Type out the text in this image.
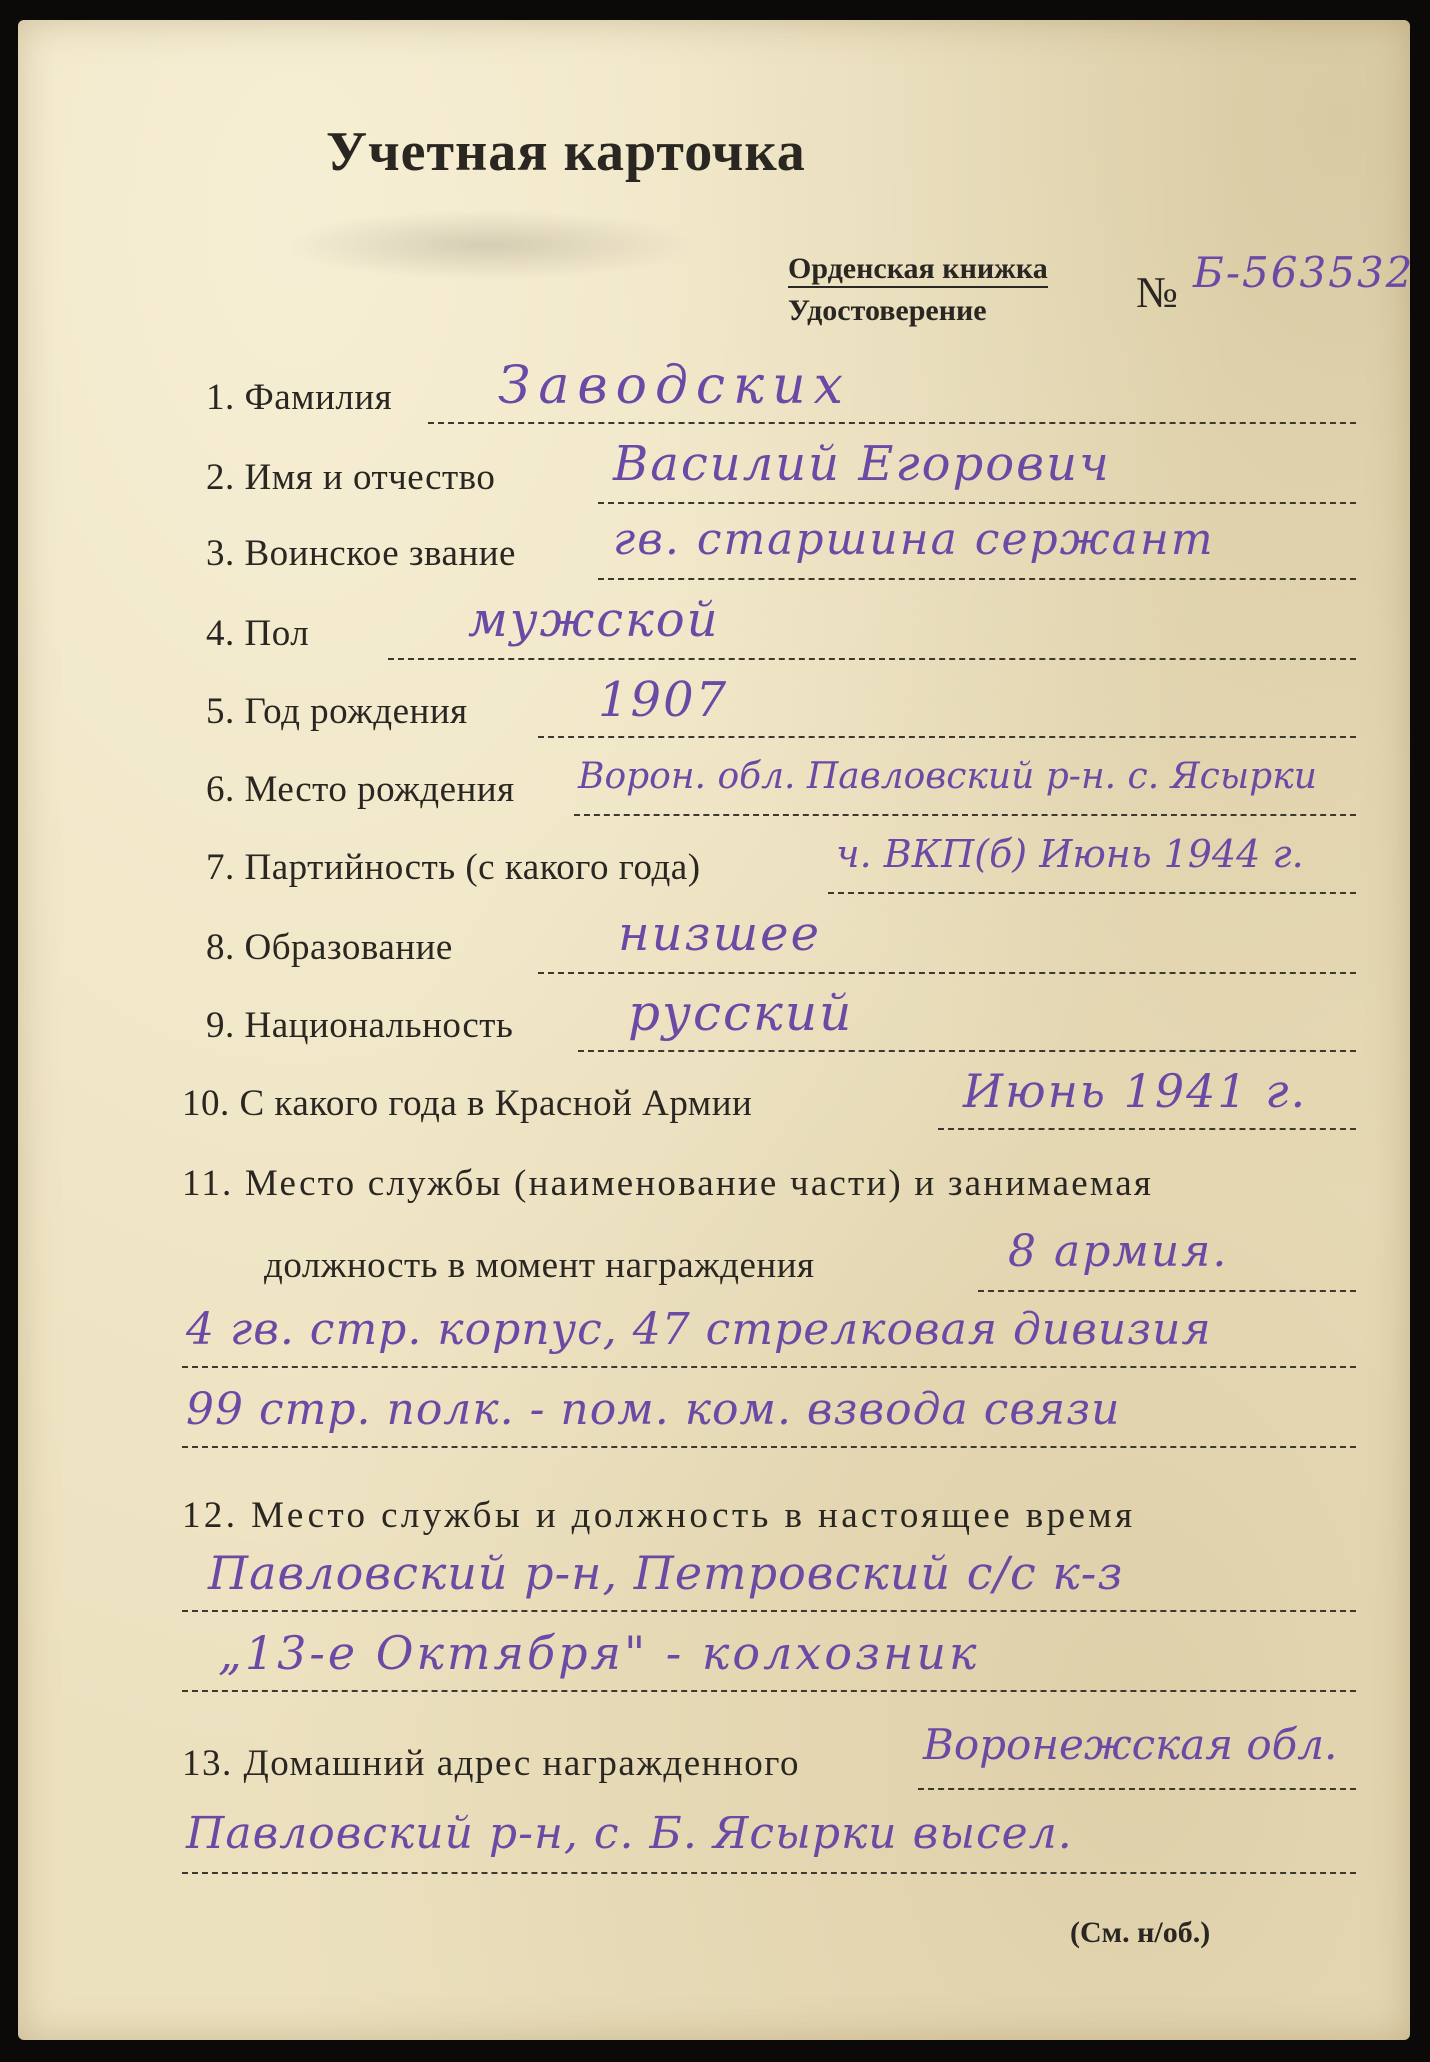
Учетная карточка
Орденская книжка
Удостоверение	№ Б-563532
1. Фамилия Заводских
2. Имя и отчество Василий Егорович
3. Воинское звание гв. старшина сержант
4. Пол	мужской
5. Год рождения	1907
6. Место рождения Ворон. обл. Павловский р-н. с. Ясырки
7. Партийность (с какого года)	ч. ВКП(б) Июнь 1944 г.
8. Образование	низшее
9. Национальность русский
10. С какого года в Красной Армии	Июнь 1941 г.
11. Место службы (наименование части) и занимаемая
должность в момент награждения	8 армия.
4 гв. стр. корпус, 47 стрелковая дивизия
99 стр. полк. - пом. ком. взвода связи
12. Место службы и должность в настоящее время
Павловский р-н, Петровский с/с к-з
„13-е Октября" - колхозник
13. Домашний адрес награжденного	Воронежская обл.
Павловский р-н, с. Б. Ясырки высел.
(См. н/об.)
